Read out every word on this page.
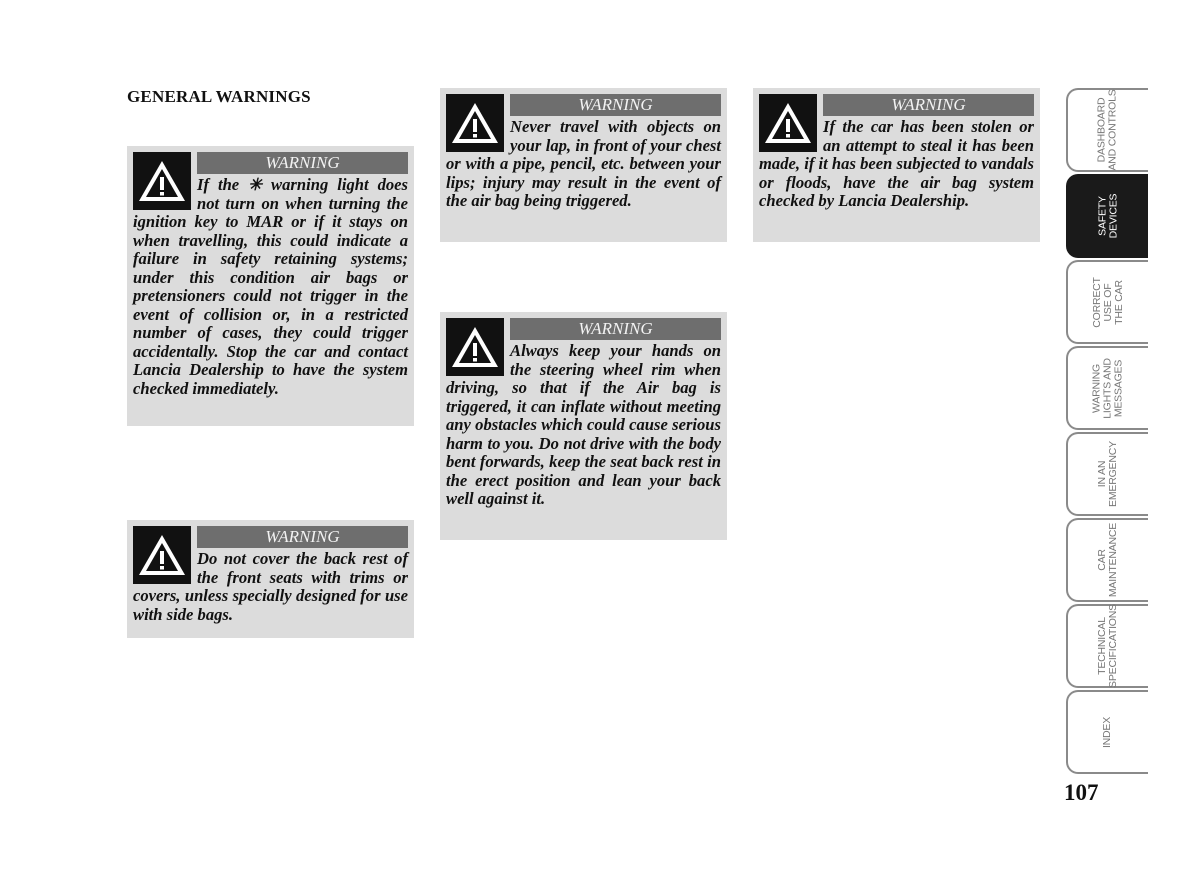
GENERAL WARNINGS
WARNING
If the ✳ warning light does not turn on when turning the ignition key to MAR or if it stays on when travelling, this could indicate a failure in safety retaining systems; under this condition air bags or pretensioners could not trigger in the event of collision or, in a restricted number of cases, they could trigger accidentally. Stop the car and contact Lancia Dealership to have the system checked immediately.
WARNING
Do not cover the back rest of the front seats with trims or covers, unless specially designed for use with side bags.
WARNING
Never travel with objects on your lap, in front of your chest or with a pipe, pencil, etc. between your lips; injury may result in the event of the air bag being triggered.
WARNING
Always keep your hands on the steering wheel rim when driving, so that if the Air bag is triggered, it can inflate without meeting any obstacles which could cause serious harm to you. Do not drive with the body bent forwards, keep the seat back rest in the erect position and lean your back well against it.
WARNING
If the car has been stolen or an attempt to steal it has been made, if it has been subjected to vandals or floods, have the air bag system checked by Lancia Dealership.
DASHBOARD
AND CONTROLS
SAFETY
DEVICES
CORRECT
USE OF
THE CAR
WARNING
LIGHTS AND
MESSAGES
IN AN
EMERGENCY
CAR
MAINTENANCE
TECHNICAL
SPECIFICATIONS
INDEX
107
